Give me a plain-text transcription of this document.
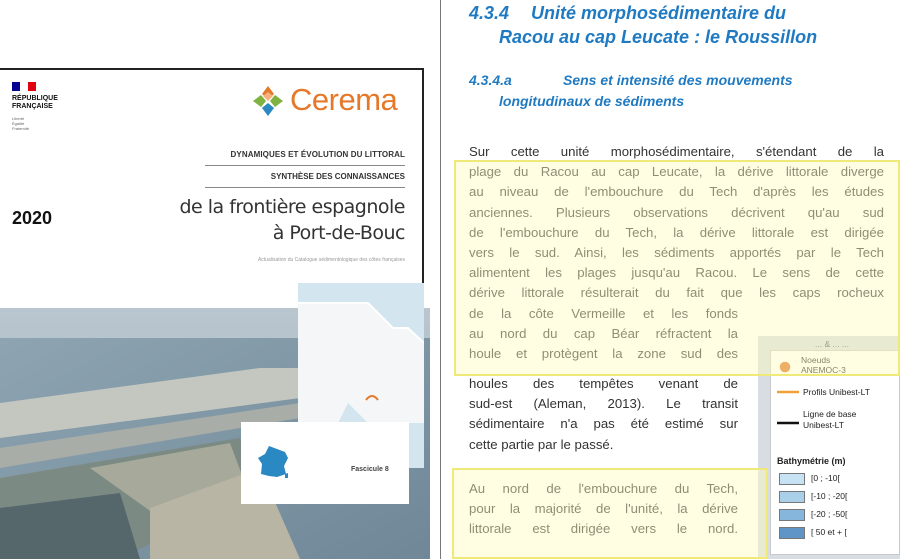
RÉPUBLIQUE
FRANÇAISE
Liberté
Égalité
Fraternité
Cerema
DYNAMIQUES ET ÉVOLUTION DU LITTORAL
SYNTHÈSE DES CONNAISSANCES
de la frontière espagnole
à Port-de-Bouc
Actualisation du Catalogue sédimentologique des côtes françaises
2020
Fascicule 8
4.3.4 Unité morphosédimentaire du
Racou au cap Leucate : le Roussillon
4.3.4.a	Sens et intensité des mouvements
longitudinaux de sédiments
Sur cette unité morphosédimentaire, s'étendant de la
plage du Racou au cap Leucate, la dérive littorale diverge
au niveau de l'embouchure du Tech d'après les études
anciennes. Plusieurs observations décrivent qu'au sud
de l'embouchure du Tech, la dérive littorale est dirigée
vers le sud. Ainsi, les sédiments apportés par le Tech
alimentent les plages jusqu'au Racou. Le sens de cette
dérive littorale résulterait du fait que les caps rocheux
de la côte Vermeille et les fonds
au nord du cap Béar réfractent la
houle et protègent la zone sud des
houles des tempêtes venant de
sud-est (Aleman, 2013). Le transit
sédimentaire n'a pas été estimé sur
cette partie par le passé.
Au nord de l'embouchure du Tech,
pour la majorité de l'unité, la dérive
littorale est dirigée vers le nord.
... & ... ...
Noeuds
ANEMOC-3
Profils Unibest-LT
Ligne de base
Unibest-LT
Bathymétrie (m)
[0 ; -10[
[-10 ; -20[
[-20 ; -50[
[ 50 et + [
